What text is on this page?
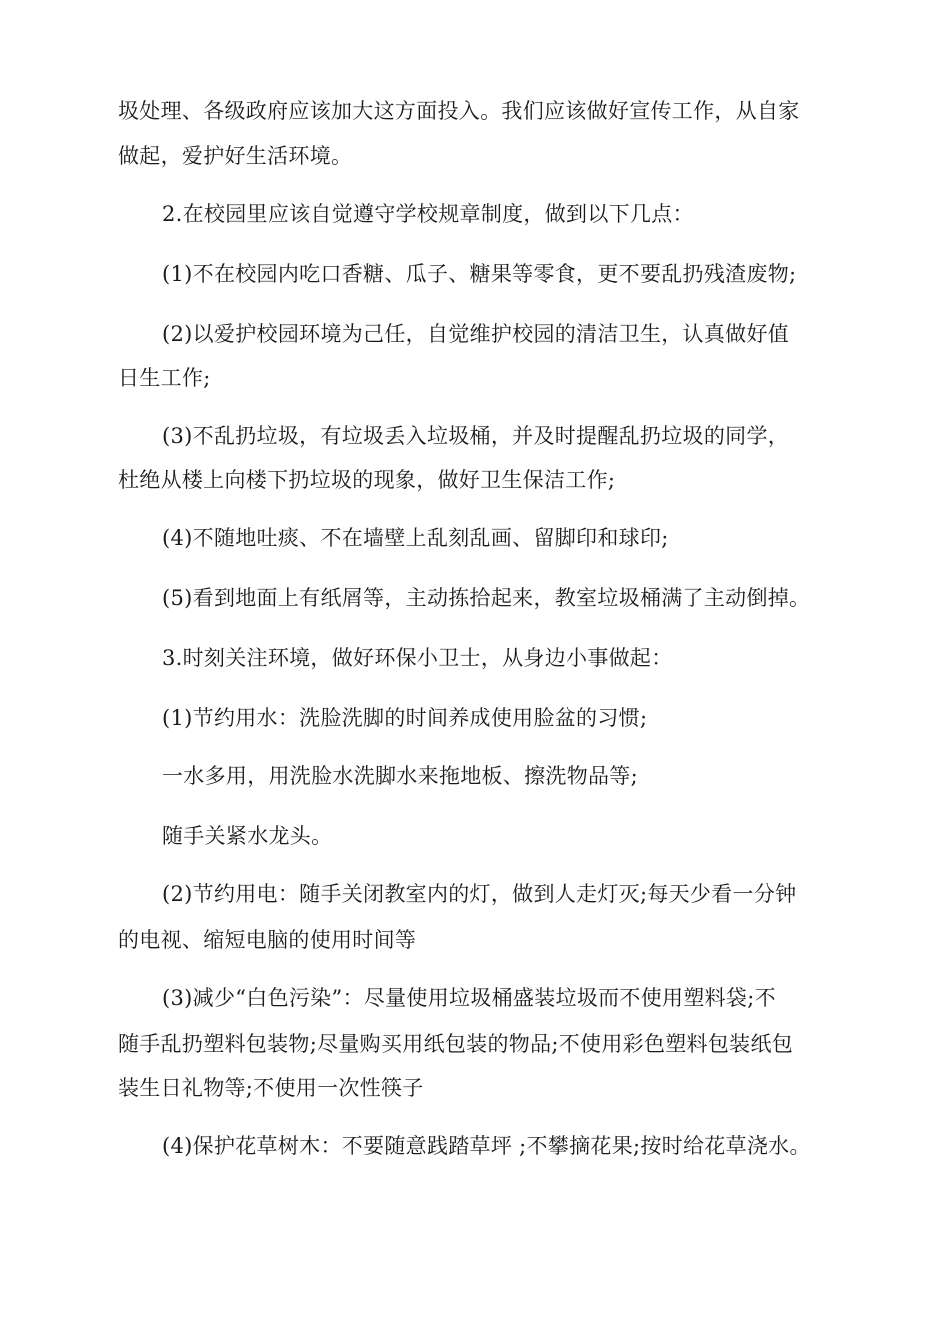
圾处理、各级政府应该加大这方面投入。我们应该做好宣传工作，从自家
做起，爱护好生活环境。
2.在校园里应该自觉遵守学校规章制度，做到以下几点：
(1)不在校园内吃口香糖、瓜子、糖果等零食，更不要乱扔残渣废物;
(2)以爱护校园环境为己任，自觉维护校园的清洁卫生，认真做好值
日生工作;
(3)不乱扔垃圾，有垃圾丢入垃圾桶，并及时提醒乱扔垃圾的同学，
杜绝从楼上向楼下扔垃圾的现象，做好卫生保洁工作;
(4)不随地吐痰、不在墙壁上乱刻乱画、留脚印和球印;
(5)看到地面上有纸屑等，主动拣拾起来，教室垃圾桶满了主动倒掉。
3.时刻关注环境，做好环保小卫士，从身边小事做起：
(1)节约用水：洗脸洗脚的时间养成使用脸盆的习惯;
一水多用，用洗脸水洗脚水来拖地板、擦洗物品等;
随手关紧水龙头。
(2)节约用电：随手关闭教室内的灯，做到人走灯灭;每天少看一分钟
的电视、缩短电脑的使用时间等
(3)减少“白色污染”：尽量使用垃圾桶盛装垃圾而不使用塑料袋;不
随手乱扔塑料包装物;尽量购买用纸包装的物品;不使用彩色塑料包装纸包
装生日礼物等;不使用一次性筷子
(4)保护花草树木：不要随意践踏草坪 ;不攀摘花果;按时给花草浇水。
